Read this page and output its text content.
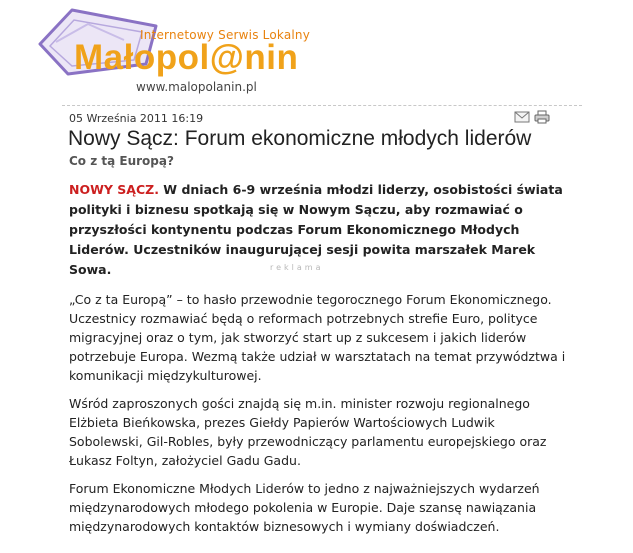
Internetowy Serwis Lokalny
Małopol@nin
www.malopolanin.pl
05 Września 2011 16:19
Nowy Sącz: Forum ekonomiczne młodych liderów
Co z tą Europą?

NOWY SĄCZ. W dniach 6-9 września młodzi liderzy, osobistości świata polityki i biznesu spotkają się w Nowym Sączu, aby rozmawiać o przyszłości kontynentu podczas Forum Ekonomicznego Młodych Liderów. Uczestników inaugurującej sesji powita marszałek Marek Sowa.	reklama

„Co z ta Europą” – to hasło przewodnie tegorocznego Forum Ekonomicznego. Uczestnicy rozmawiać będą o reformach potrzebnych strefie Euro, polityce migracyjnej oraz o tym, jak stworzyć start up z sukcesem i jakich liderów potrzebuje Europa. Wezmą także udział w warsztatach na temat przywództwa i komunikacji międzykulturowej.

Wśród zaproszonych gości znajdą się m.in. minister rozwoju regionalnego Elżbieta Bieńkowska, prezes Giełdy Papierów Wartościowych Ludwik Sobolewski, Gil-Robles, były przewodniczący parlamentu europejskiego oraz Łukasz Foltyn, założyciel Gadu Gadu.

Forum Ekonomiczne Młodych Liderów to jedno z najważniejszych wydarzeń międzynarodowych młodego pokolenia w Europie. Daje szansę nawiązania międzynarodowych kontaktów biznesowych i wymiany doświadczeń.
